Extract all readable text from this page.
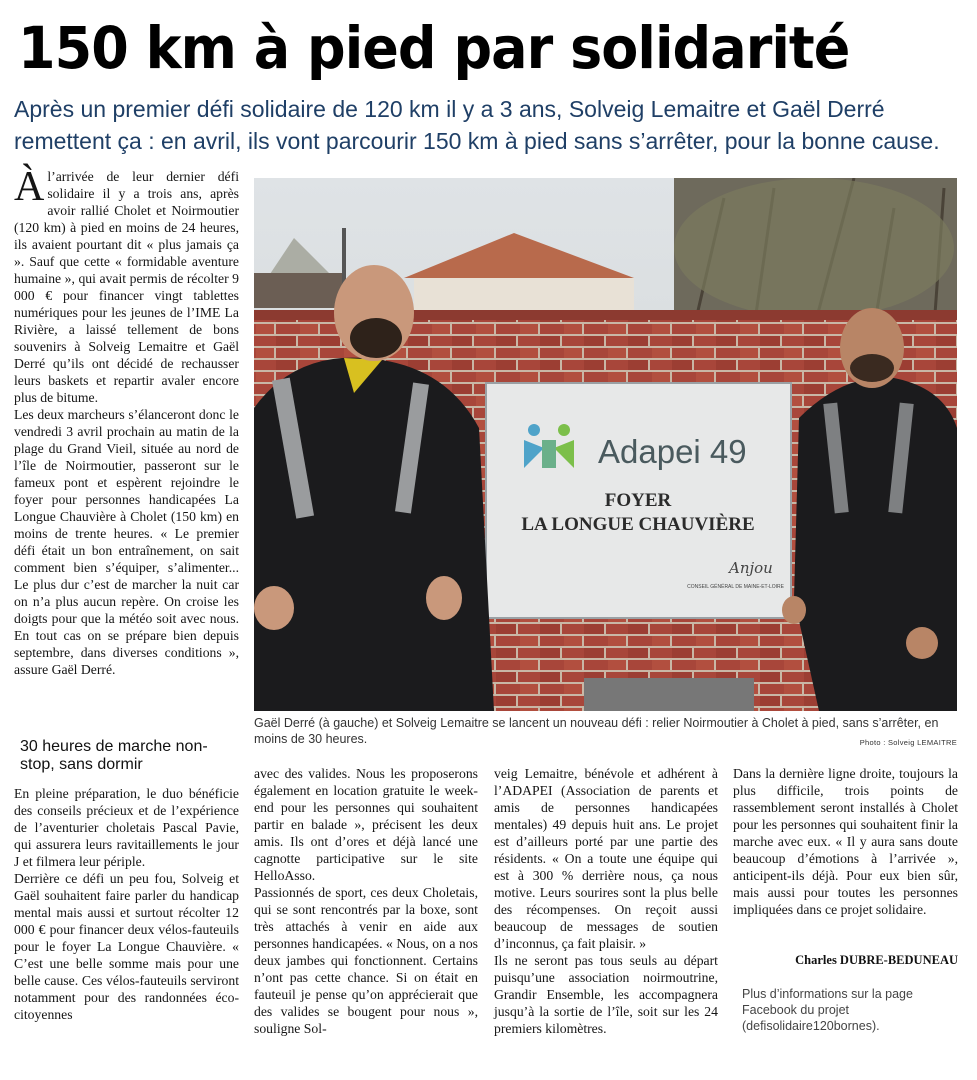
150 km à pied par solidarité

Après un premier défi solidaire de 120 km il y a 3 ans, Solveig Lemaitre et Gaël Derré remettent ça : en avril, ils vont parcourir 150 km à pied sans s’arrêter, pour la bonne cause.

À l’arrivée de leur dernier défi solidaire il y a trois ans, après avoir rallié Cholet et Noirmoutier (120 km) à pied en moins de 24 heures, ils avaient pourtant dit « plus jamais ça ». Sauf que cette « formidable aventure humaine », qui avait permis de récolter 9 000 € pour financer vingt tablettes numériques pour les jeunes de l’IME La Rivière, a laissé tellement de bons souvenirs à Solveig Lemaitre et Gaël Derré qu’ils ont décidé de rechausser leurs baskets et repartir avaler encore plus de bitume.

Les deux marcheurs s’élanceront donc le vendredi 3 avril prochain au matin de la plage du Grand Vieil, située au nord de l’île de Noirmoutier, passeront sur le fameux pont et espèrent rejoindre le foyer pour personnes handicapées La Longue Chauvière à Cholet (150 km) en moins de trente heures. « Le premier défi était un bon entraînement, on sait comment bien s’équiper, s’alimenter... Le plus dur c’est de marcher la nuit car on n’a plus aucun repère. On croise les doigts pour que la météo soit avec nous. En tout cas on se prépare bien depuis septembre, dans diverses conditions », assure Gaël Derré.

30 heures de marche non-stop, sans dormir

En pleine préparation, le duo bénéficie des conseils précieux et de l’expérience de l’aventurier choletais Pascal Pavie, qui assurera leurs ravitaillements le jour J et filmera leur périple.

Derrière ce défi un peu fou, Solveig et Gaël souhaitent faire parler du handicap mental mais aussi et surtout récolter 12 000 € pour financer deux vélos-fauteuils pour le foyer La Longue Chauvière. « C’est une belle somme mais pour une belle cause. Ces vélos-fauteuils serviront notamment pour des randonnées éco-citoyennes

avec des valides. Nous les proposerons également en location gratuite le week-end pour les personnes qui souhaitent partir en balade », précisent les deux amis. Ils ont d’ores et déjà lancé une cagnotte participative sur le site HelloAsso.

Passionnés de sport, ces deux Choletais, qui se sont rencontrés par la boxe, sont très attachés à venir en aide aux personnes handicapées. « Nous, on a nos deux jambes qui fonctionnent. Certains n’ont pas cette chance. Si on était en fauteuil je pense qu’on apprécierait que des valides se bougent pour nous », souligne Sol-

veig Lemaitre, bénévole et adhérent à l’ADAPEI (Association de parents et amis de personnes handicapées mentales) 49 depuis huit ans. Le projet est d’ailleurs porté par une partie des résidents. « On a toute une équipe qui est à 300 % derrière nous, ça nous motive. Leurs sourires sont la plus belle des récompenses. On reçoit aussi beaucoup de messages de soutien d’inconnus, ça fait plaisir. »

Ils ne seront pas tous seuls au départ puisqu’une association noirmoutrine, Grandir Ensemble, les accompagnera jusqu’à la sortie de l’île, soit sur les 24 premiers kilomètres.

Dans la dernière ligne droite, toujours la plus difficile, trois points de rassemblement seront installés à Cholet pour les personnes qui souhaitent finir la marche avec eux. « Il y aura sans doute beaucoup d’émotions à l’arrivée », anticipent-ils déjà. Pour eux bien sûr, mais aussi pour toutes les personnes impliquées dans ce projet solidaire.

Charles DUBRE-BEDUNEAU
Plus d’informations sur la page Facebook du projet (defisolidaire120bornes).
Adapei 49
FOYER
LA LONGUE CHAUVIÈRE
Anjou
CONSEIL GÉNÉRAL DE MAINE-ET-LOIRE
Gaël Derré (à gauche) et Solveig Lemaitre se lancent un nouveau défi : relier Noirmoutier à Cholet à pied, sans s’arrêter, en moins de 30 heures.	Photo : Solveig LEMAITRE
